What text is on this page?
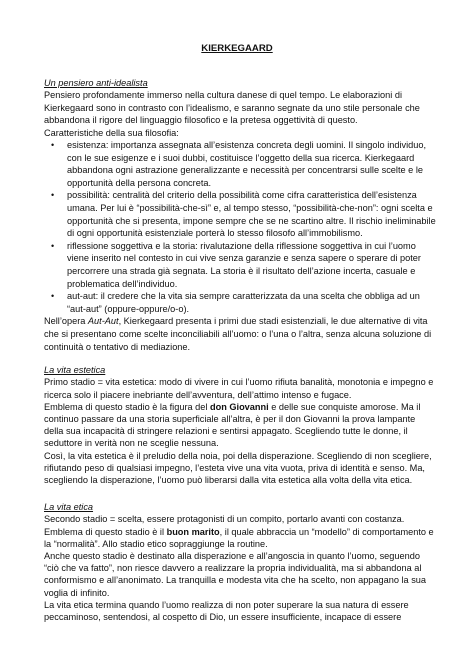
KIERKEGAARD

Un pensiero anti-idealista

Pensiero profondamente immerso nella cultura danese di quel tempo. Le elaborazioni di Kierkegaard sono in contrasto con l’idealismo, e saranno segnate da uno stile personale che abbandona il rigore del linguaggio filosofico e la pretesa oggettività di questo.

Caratteristiche della sua filosofia:

• esistenza: importanza assegnata all’esistenza concreta degli uomini. Il singolo individuo, con le sue esigenze e i suoi dubbi, costituisce l’oggetto della sua ricerca. Kierkegaard abbandona ogni astrazione generalizzante e necessità per concentrarsi sulle scelte e le opportunità della persona concreta.
• possibilità: centralità del criterio della possibilità come cifra caratteristica dell’esistenza umana. Per lui è “possibilità-che-sì” e, al tempo stesso, “possibilità-che-non”: ogni scelta e opportunità che si presenta, impone sempre che se ne scartino altre. Il rischio ineliminabile di ogni opportunità esistenziale porterà lo stesso filosofo all’immobilismo.
• riflessione soggettiva e la storia: rivalutazione della riflessione soggettiva in cui l’uomo viene inserito nel contesto in cui vive senza garanzie e senza sapere o sperare di poter percorrere una strada già segnata. La storia è il risultato dell’azione incerta, casuale e problematica dell’individuo.
• aut-aut: il credere che la vita sia sempre caratterizzata da una scelta che obbliga ad un “aut-aut” (oppure-oppure/o-o).

Nell’opera Aut-Aut, Kierkegaard presenta i primi due stadi esistenziali, le due alternative di vita che si presentano come scelte inconciliabili all’uomo: o l’una o l’altra, senza alcuna soluzione di continuità o tentativo di mediazione.

La vita estetica

Primo stadio = vita estetica: modo di vivere in cui l’uomo rifiuta banalità, monotonia e impegno e ricerca solo il piacere inebriante dell’avventura, dell’attimo intenso e fugace.

Emblema di questo stadio è la figura del don Giovanni e delle sue conquiste amorose. Ma il continuo passare da una storia superficiale all’altra, è per il don Giovanni la prova lampante della sua incapacità di stringere relazioni e sentirsi appagato. Scegliendo tutte le donne, il seduttore in verità non ne sceglie nessuna.

Così, la vita estetica è il preludio della noia, poi della disperazione. Scegliendo di non scegliere, rifiutando peso di qualsiasi impegno, l’esteta vive una vita vuota, priva di identità e senso. Ma, scegliendo la disperazione, l’uomo può liberarsi dalla vita estetica alla volta della vita etica.

La vita etica

Secondo stadio = scelta, essere protagonisti di un compito, portarlo avanti con costanza.

Emblema di questo stadio è il buon marito, il quale abbraccia un “modello” di comportamento e la “normalità”. Allo stadio etico sopraggiunge la routine.

Anche questo stadio è destinato alla disperazione e all’angoscia in quanto l’uomo, seguendo “ciò che va fatto”, non riesce davvero a realizzare la propria individualità, ma si abbandona al conformismo e all’anonimato. La tranquilla e modesta vita che ha scelto, non appagano la sua voglia di infinito.

La vita etica termina quando l’uomo realizza di non poter superare la sua natura di essere peccaminoso, sentendosi, al cospetto di Dio, un essere insufficiente, incapace di essere
